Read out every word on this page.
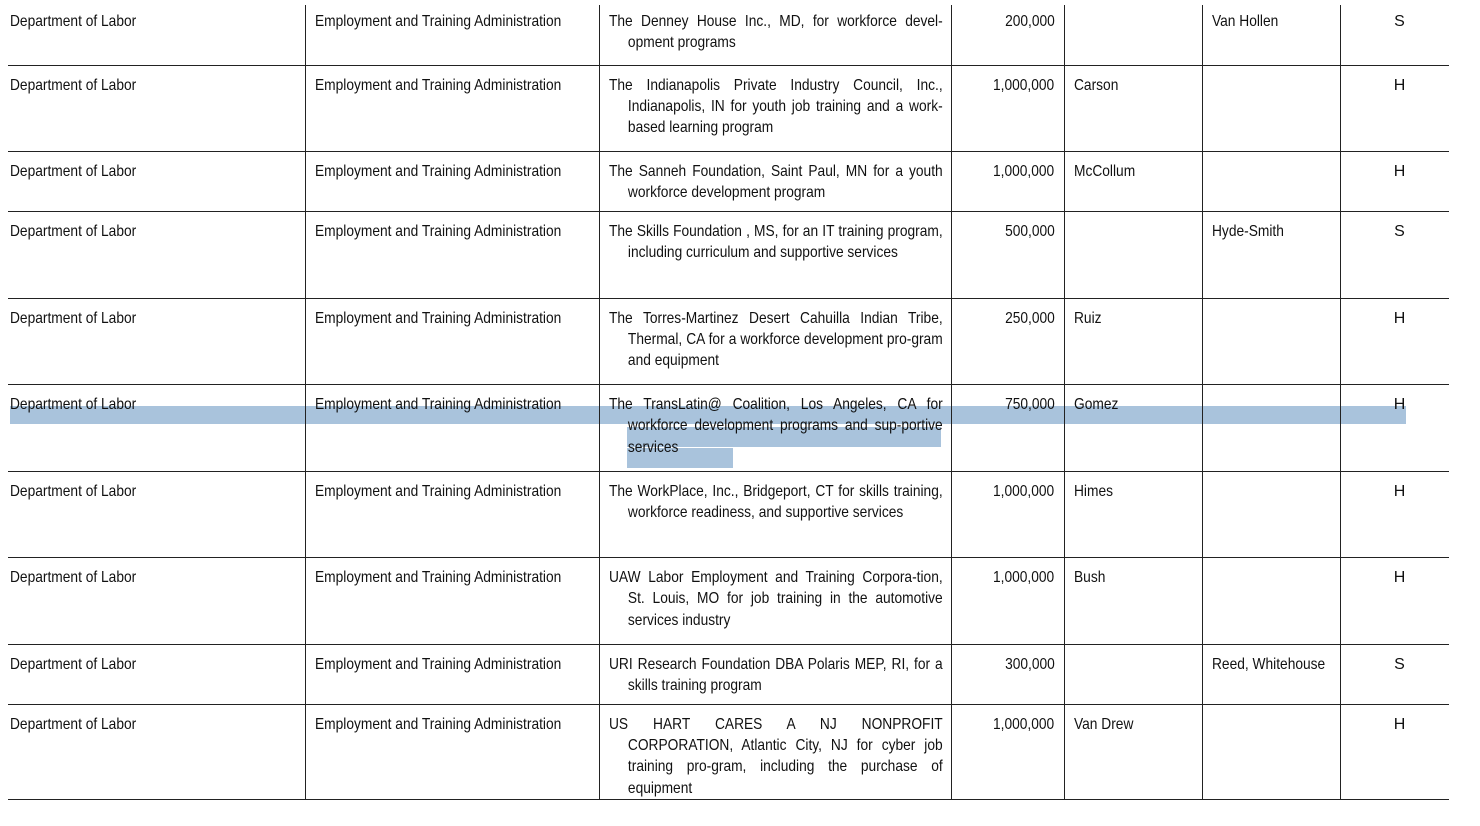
Department of Labor	Employment and Training Administration	The Denney House Inc., MD, for workforce devel-opment programs	200,000		Van Hollen	S
Department of Labor	Employment and Training Administration	The Indianapolis Private Industry Council, Inc., Indianapolis, IN for youth job training and a work-based learning program	1,000,000	Carson		H
Department of Labor	Employment and Training Administration	The Sanneh Foundation, Saint Paul, MN for a youth workforce development program	1,000,000	McCollum		H
Department of Labor	Employment and Training Administration	The Skills Foundation , MS, for an IT training program, including curriculum and supportive services	500,000		Hyde-Smith	S
Department of Labor	Employment and Training Administration	The Torres-Martinez Desert Cahuilla Indian Tribe, Thermal, CA for a workforce development pro-gram and equipment	250,000	Ruiz		H
Department of Labor	Employment and Training Administration	The TransLatin@ Coalition, Los Angeles, CA for workforce development programs and sup-portive services	750,000	Gomez		H
Department of Labor	Employment and Training Administration	The WorkPlace, Inc., Bridgeport, CT for skills training, workforce readiness, and supportive services	1,000,000	Himes		H
Department of Labor	Employment and Training Administration	UAW Labor Employment and Training Corpora-tion, St. Louis, MO for job training in the automotive services industry	1,000,000	Bush		H
Department of Labor	Employment and Training Administration	URI Research Foundation DBA Polaris MEP, RI, for a skills training program	300,000		Reed, Whitehouse	S
Department of Labor	Employment and Training Administration	US HART CARES A NJ NONPROFIT CORPORATION, Atlantic City, NJ for cyber job training pro-gram, including the purchase of equipment	1,000,000	Van Drew		H
